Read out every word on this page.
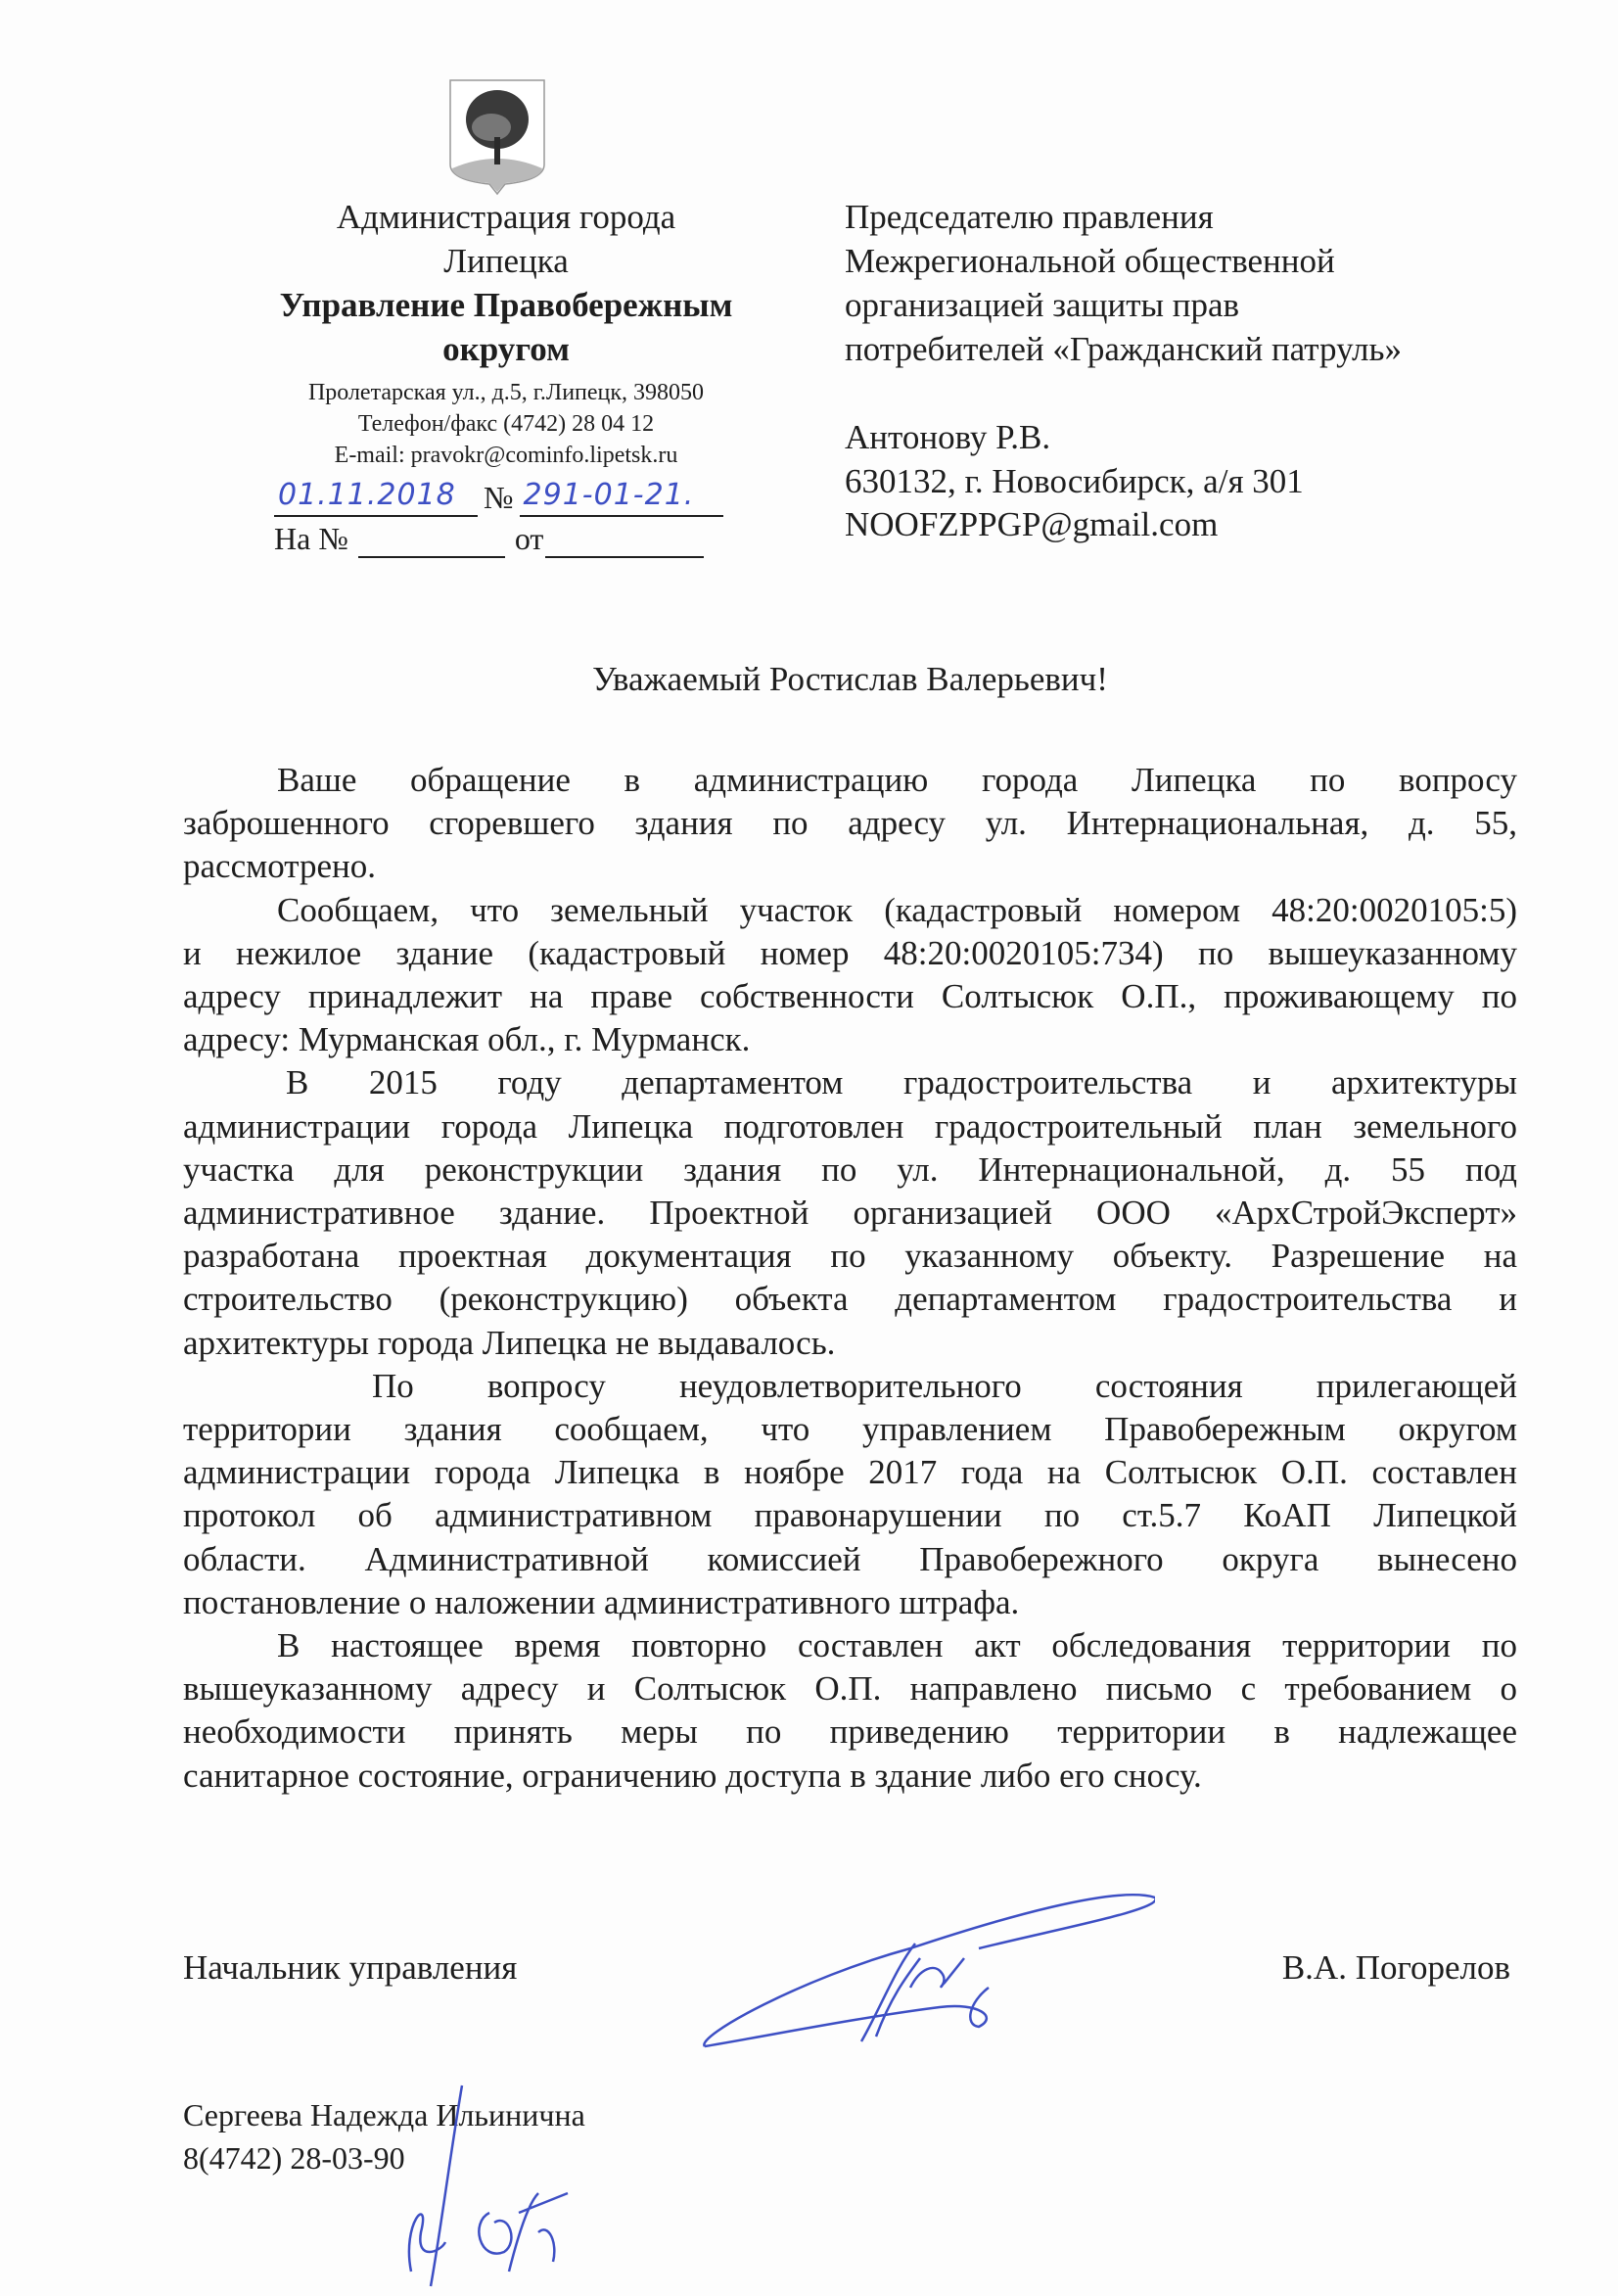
Администрация города
Липецка
Управление Правобережным
округом
Пролетарская ул., д.5, г.Липецк, 398050
Телефон/факс (4742) 28 04 12
E-mail: pravokr@cominfo.lipetsk.ru
01.11.2018 № 291-01-21.
На №	от
Председателю правления
Межрегиональной общественной
организацией защиты прав
потребителей «Гражданский патруль»
Антонову Р.В.
630132, г. Новосибирск, а/я 301
NOOFZPPGP@gmail.com
Уважаемый Ростислав Валерьевич!
Ваше обращение в администрацию города Липецка по вопросу
заброшенного сгоревшего здания по адресу ул. Интернациональная, д. 55,
рассмотрено.
Сообщаем, что земельный участок (кадастровый номером 48:20:0020105:5)
и нежилое здание (кадастровый номер 48:20:0020105:734) по вышеуказанному
адресу принадлежит на праве собственности Солтысюк О.П., проживающему по
адресу: Мурманская обл., г. Мурманск.
В 2015 году департаментом градостроительства и архитектуры
администрации города Липецка подготовлен градостроительный план земельного
участка для реконструкции здания по ул. Интернациональной, д. 55 под
административное здание. Проектной организацией ООО «АрхСтройЭксперт»
разработана проектная документация по указанному объекту. Разрешение на
строительство (реконструкцию) объекта департаментом градостроительства и
архитектуры города Липецка не выдавалось.
По вопросу неудовлетворительного состояния прилегающей
территории здания сообщаем, что управлением Правобережным округом
администрации города Липецка в ноябре 2017 года на Солтысюк О.П. составлен
протокол об административном правонарушении по ст.5.7 КоАП Липецкой
области. Административной комиссией Правобережного округа вынесено
постановление о наложении административного штрафа.
В настоящее время повторно составлен акт обследования территории по
вышеуказанному адресу и Солтысюк О.П. направлено письмо с требованием о
необходимости принять меры по приведению территории в надлежащее
санитарное состояние, ограничению доступа в здание либо его сносу.
Начальник управления	В.А. Погорелов
Сергеева Надежда Ильинична
8(4742) 28-03-90
